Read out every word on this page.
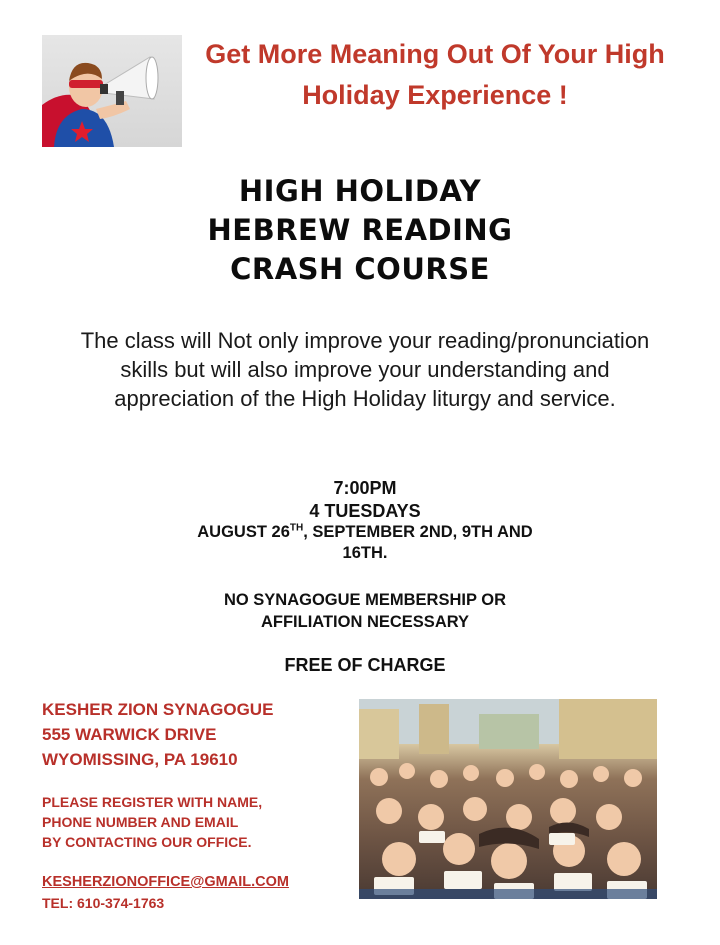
Get More Meaning Out Of Your High Holiday Experience !
HIGH HOLIDAY
HEBREW READING
CRASH COURSE
The class will Not only improve your reading/pronunciation skills but will also improve your understanding and appreciation of the High Holiday liturgy and service.
7:00PM
4 TUESDAYS
AUGUST 26TH, SEPTEMBER 2ND, 9TH AND
16TH.
NO SYNAGOGUE MEMBERSHIP OR
AFFILIATION NECESSARY
FREE OF CHARGE
KESHER ZION SYNAGOGUE
555 WARWICK DRIVE
WYOMISSING, PA 19610
PLEASE REGISTER WITH NAME,
PHONE NUMBER AND EMAIL
BY CONTACTING OUR OFFICE.
KESHERZIONOFFICE@GMAIL.COM
TEL: 610-374-1763
